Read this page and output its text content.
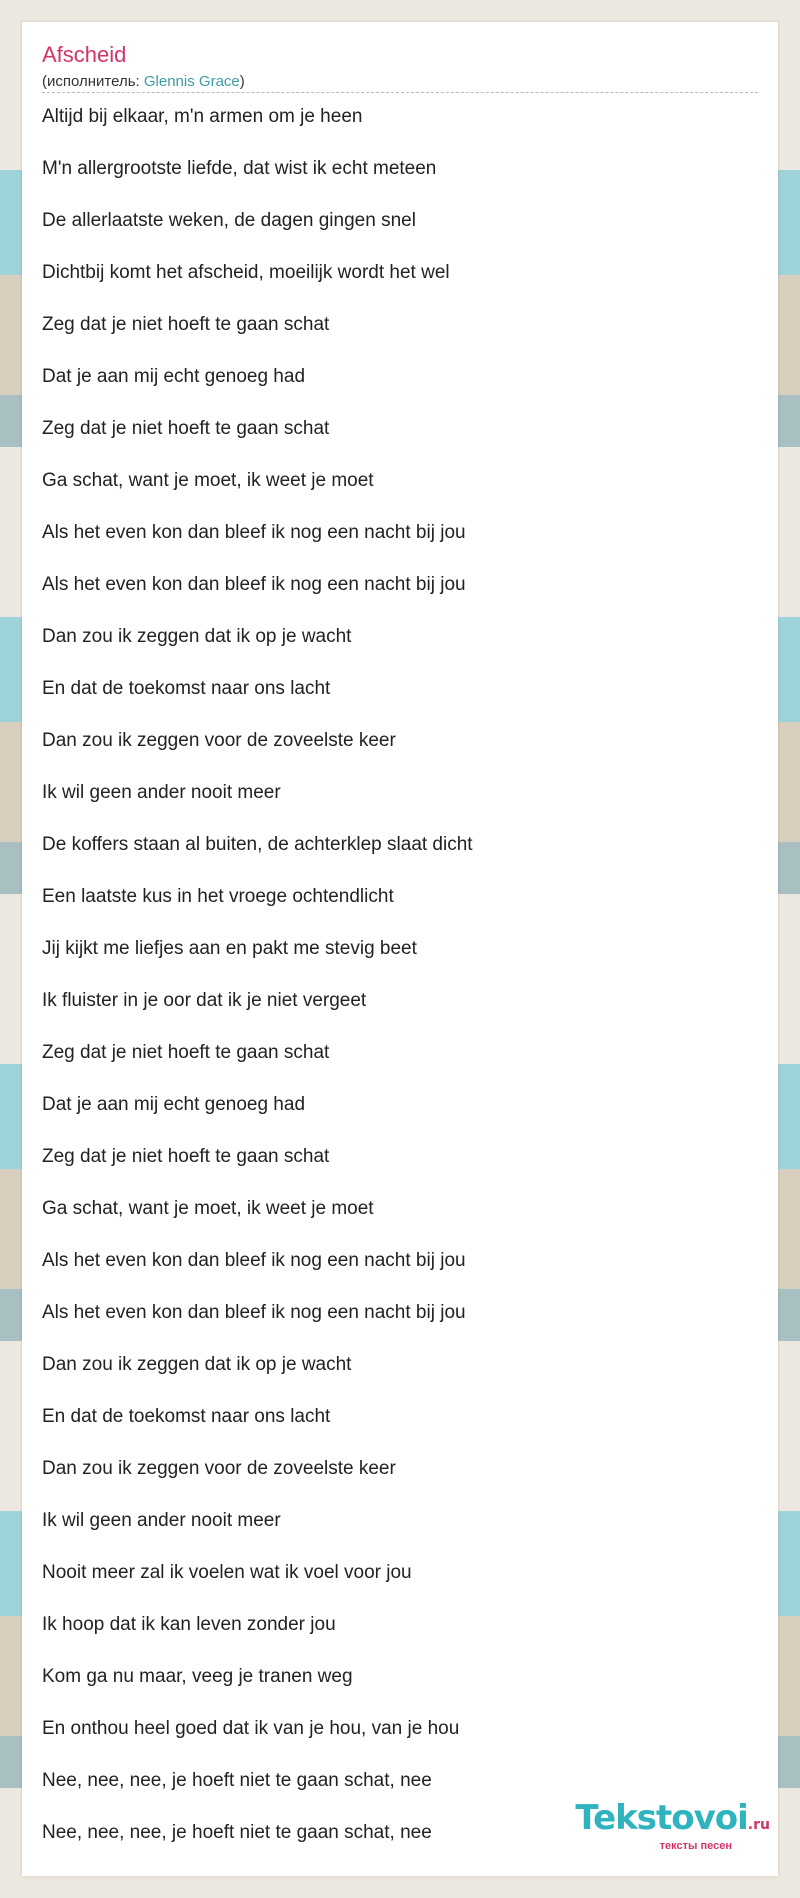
Afscheid
(исполнитель: Glennis Grace)
Altijd bij elkaar, m'n armen om je heen
M'n allergrootste liefde, dat wist ik echt meteen
De allerlaatste weken, de dagen gingen snel
Dichtbij komt het afscheid, moeilijk wordt het wel
Zeg dat je niet hoeft te gaan schat
Dat je aan mij echt genoeg had
Zeg dat je niet hoeft te gaan schat
Ga schat, want je moet, ik weet je moet
Als het even kon dan bleef ik nog een nacht bij jou
Als het even kon dan bleef ik nog een nacht bij jou
Dan zou ik zeggen dat ik op je wacht
En dat de toekomst naar ons lacht
Dan zou ik zeggen voor de zoveelste keer
Ik wil geen ander nooit meer
De koffers staan al buiten, de achterklep slaat dicht
Een laatste kus in het vroege ochtendlicht
Jij kijkt me liefjes aan en pakt me stevig beet
Ik fluister in je oor dat ik je niet vergeet
Zeg dat je niet hoeft te gaan schat
Dat je aan mij echt genoeg had
Zeg dat je niet hoeft te gaan schat
Ga schat, want je moet, ik weet je moet
Als het even kon dan bleef ik nog een nacht bij jou
Als het even kon dan bleef ik nog een nacht bij jou
Dan zou ik zeggen dat ik op je wacht
En dat de toekomst naar ons lacht
Dan zou ik zeggen voor de zoveelste keer
Ik wil geen ander nooit meer
Nooit meer zal ik voelen wat ik voel voor jou
Ik hoop dat ik kan leven zonder jou
Kom ga nu maar, veeg je tranen weg
En onthou heel goed dat ik van je hou, van je hou
Nee, nee, nee, je hoeft niet te gaan schat, nee
Nee, nee, nee, je hoeft niet te gaan schat, nee	Tekstovoi.ru
тексты песен
